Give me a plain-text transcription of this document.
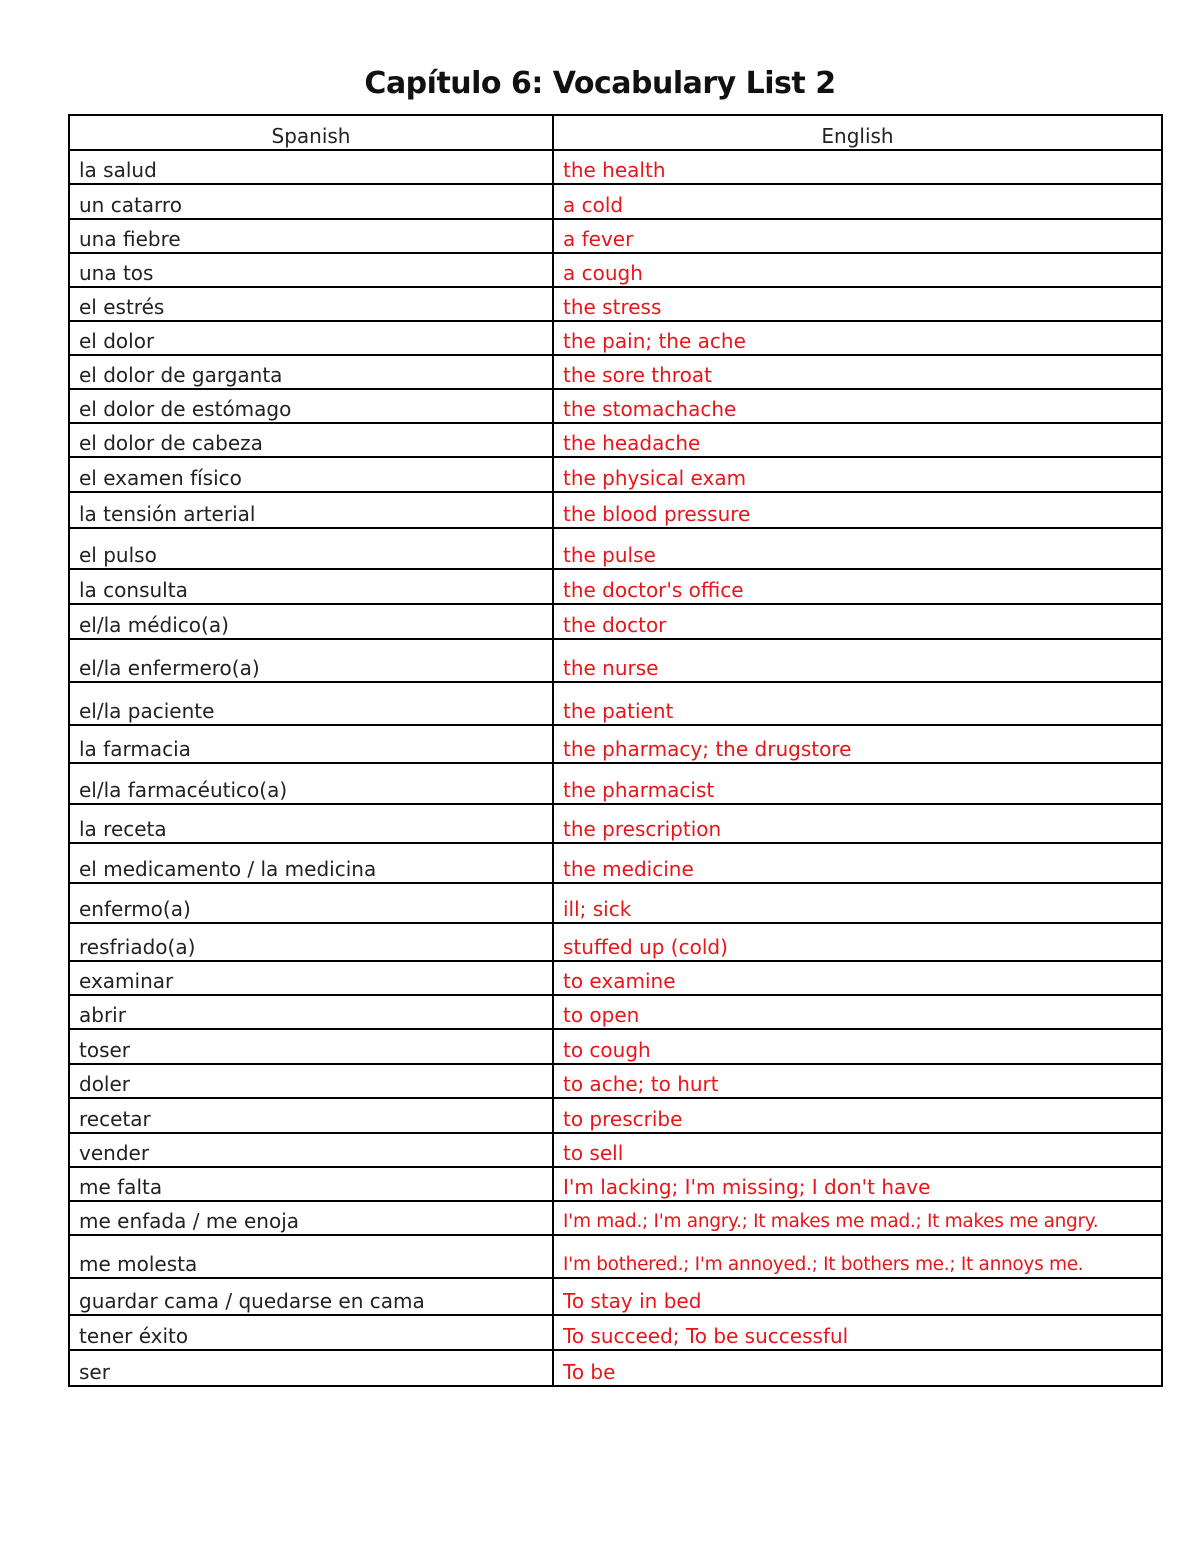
Capítulo 6: Vocabulary List 2
Spanish	English
la salud	the health
un catarro	a cold
una fiebre	a fever
una tos	a cough
el estrés	the stress
el dolor	the pain; the ache
el dolor de garganta	the sore throat
el dolor de estómago	the stomachache
el dolor de cabeza	the headache
el examen físico	the physical exam
la tensión arterial	the blood pressure
el pulso	the pulse
la consulta	the doctor's office
el/la médico(a)	the doctor
el/la enfermero(a)	the nurse
el/la paciente	the patient
la farmacia	the pharmacy; the drugstore
el/la farmacéutico(a)	the pharmacist
la receta	the prescription
el medicamento / la medicina	the medicine
enfermo(a)	ill; sick
resfriado(a)	stuffed up (cold)
examinar	to examine
abrir	to open
toser	to cough
doler	to ache; to hurt
recetar	to prescribe
vender	to sell
me falta	I'm lacking; I'm missing; I don't have
me enfada / me enoja	I'm mad.; I'm angry.; It makes me mad.; It makes me angry.
me molesta	I'm bothered.; I'm annoyed.; It bothers me.; It annoys me.
guardar cama / quedarse en cama	To stay in bed
tener éxito	To succeed; To be successful
ser	To be
